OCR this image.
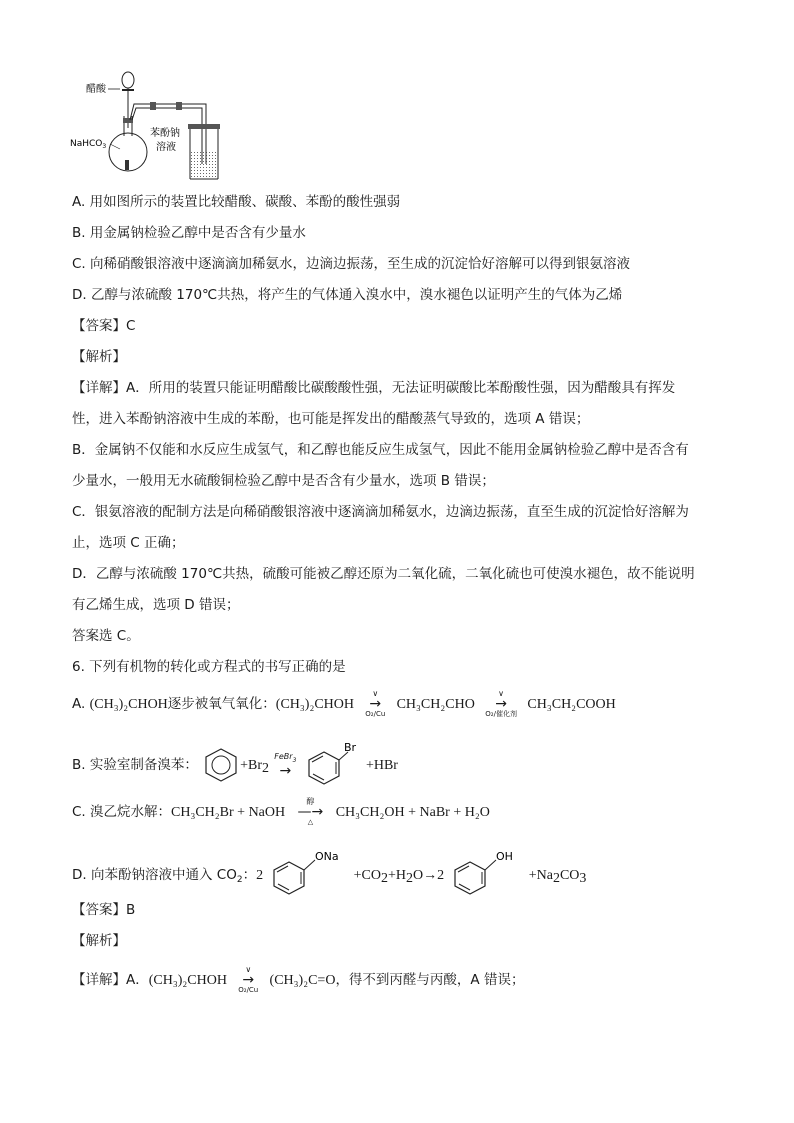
醋酸
NaHCO$_3$
苯酚钠
溶液
A. 用如图所示的装置比较醋酸、碳酸、苯酚的酸性强弱
B. 用金属钠检验乙醇中是否含有少量水
C. 向稀硝酸银溶液中逐滴滴加稀氨水，边滴边振荡，至生成的沉淀恰好溶解可以得到银氨溶液
D. 乙醇与浓硫酸 170℃共热，将产生的气体通入溴水中，溴水褪色以证明产生的气体为乙烯
【答案】C
【解析】
【详解】A．所用的装置只能证明醋酸比碳酸酸性强，无法证明碳酸比苯酚酸性强，因为醋酸具有挥发
性，进入苯酚钠溶液中生成的苯酚，也可能是挥发出的醋酸蒸气导致的，选项 A 错误；
B．金属钠不仅能和水反应生成氢气，和乙醇也能反应生成氢气，因此不能用金属钠检验乙醇中是否含有
少量水，一般用无水硫酸铜检验乙醇中是否含有少量水，选项 B 错误；
C．银氨溶液的配制方法是向稀硝酸银溶液中逐滴滴加稀氨水，边滴边振荡，直至生成的沉淀恰好溶解为
止，选项 C 正确；
D．乙醇与浓硫酸 170℃共热，硫酸可能被乙醇还原为二氧化硫，二氧化硫也可使溴水褪色，故不能说明
有乙烯生成，选项 D 错误；
答案选 C。
6. 下列有机物的转化或方程式的书写正确的是
A. (CH₃)₂CHOH逐步被氧气氧化：(CH₃)₂CHOH
∨
→
O₂/Cu
CH₃CH₂CHO
∨
→
O₂/催化剂
CH₃CH₂COOH
B. 实验室制备溴苯：	$+Br_2$
FeBr$_3$
→

Br
+HBr
C. 溴乙烷水解：CH₃CH₂Br + NaOH
醇
—→
△
CH₃CH₂OH + NaBr + H₂O
D. 向苯酚钠溶液中通入 $CO_2$：2
ONa
$+CO_2+H_2O\to 2$
OH
$+Na_2CO_3$
【答案】B
【解析】
【详解】A．(CH₃)₂CHOH
∨
→
O₂/Cu
(CH₃)₂C=O，得不到丙醛与丙酸，A 错误；
